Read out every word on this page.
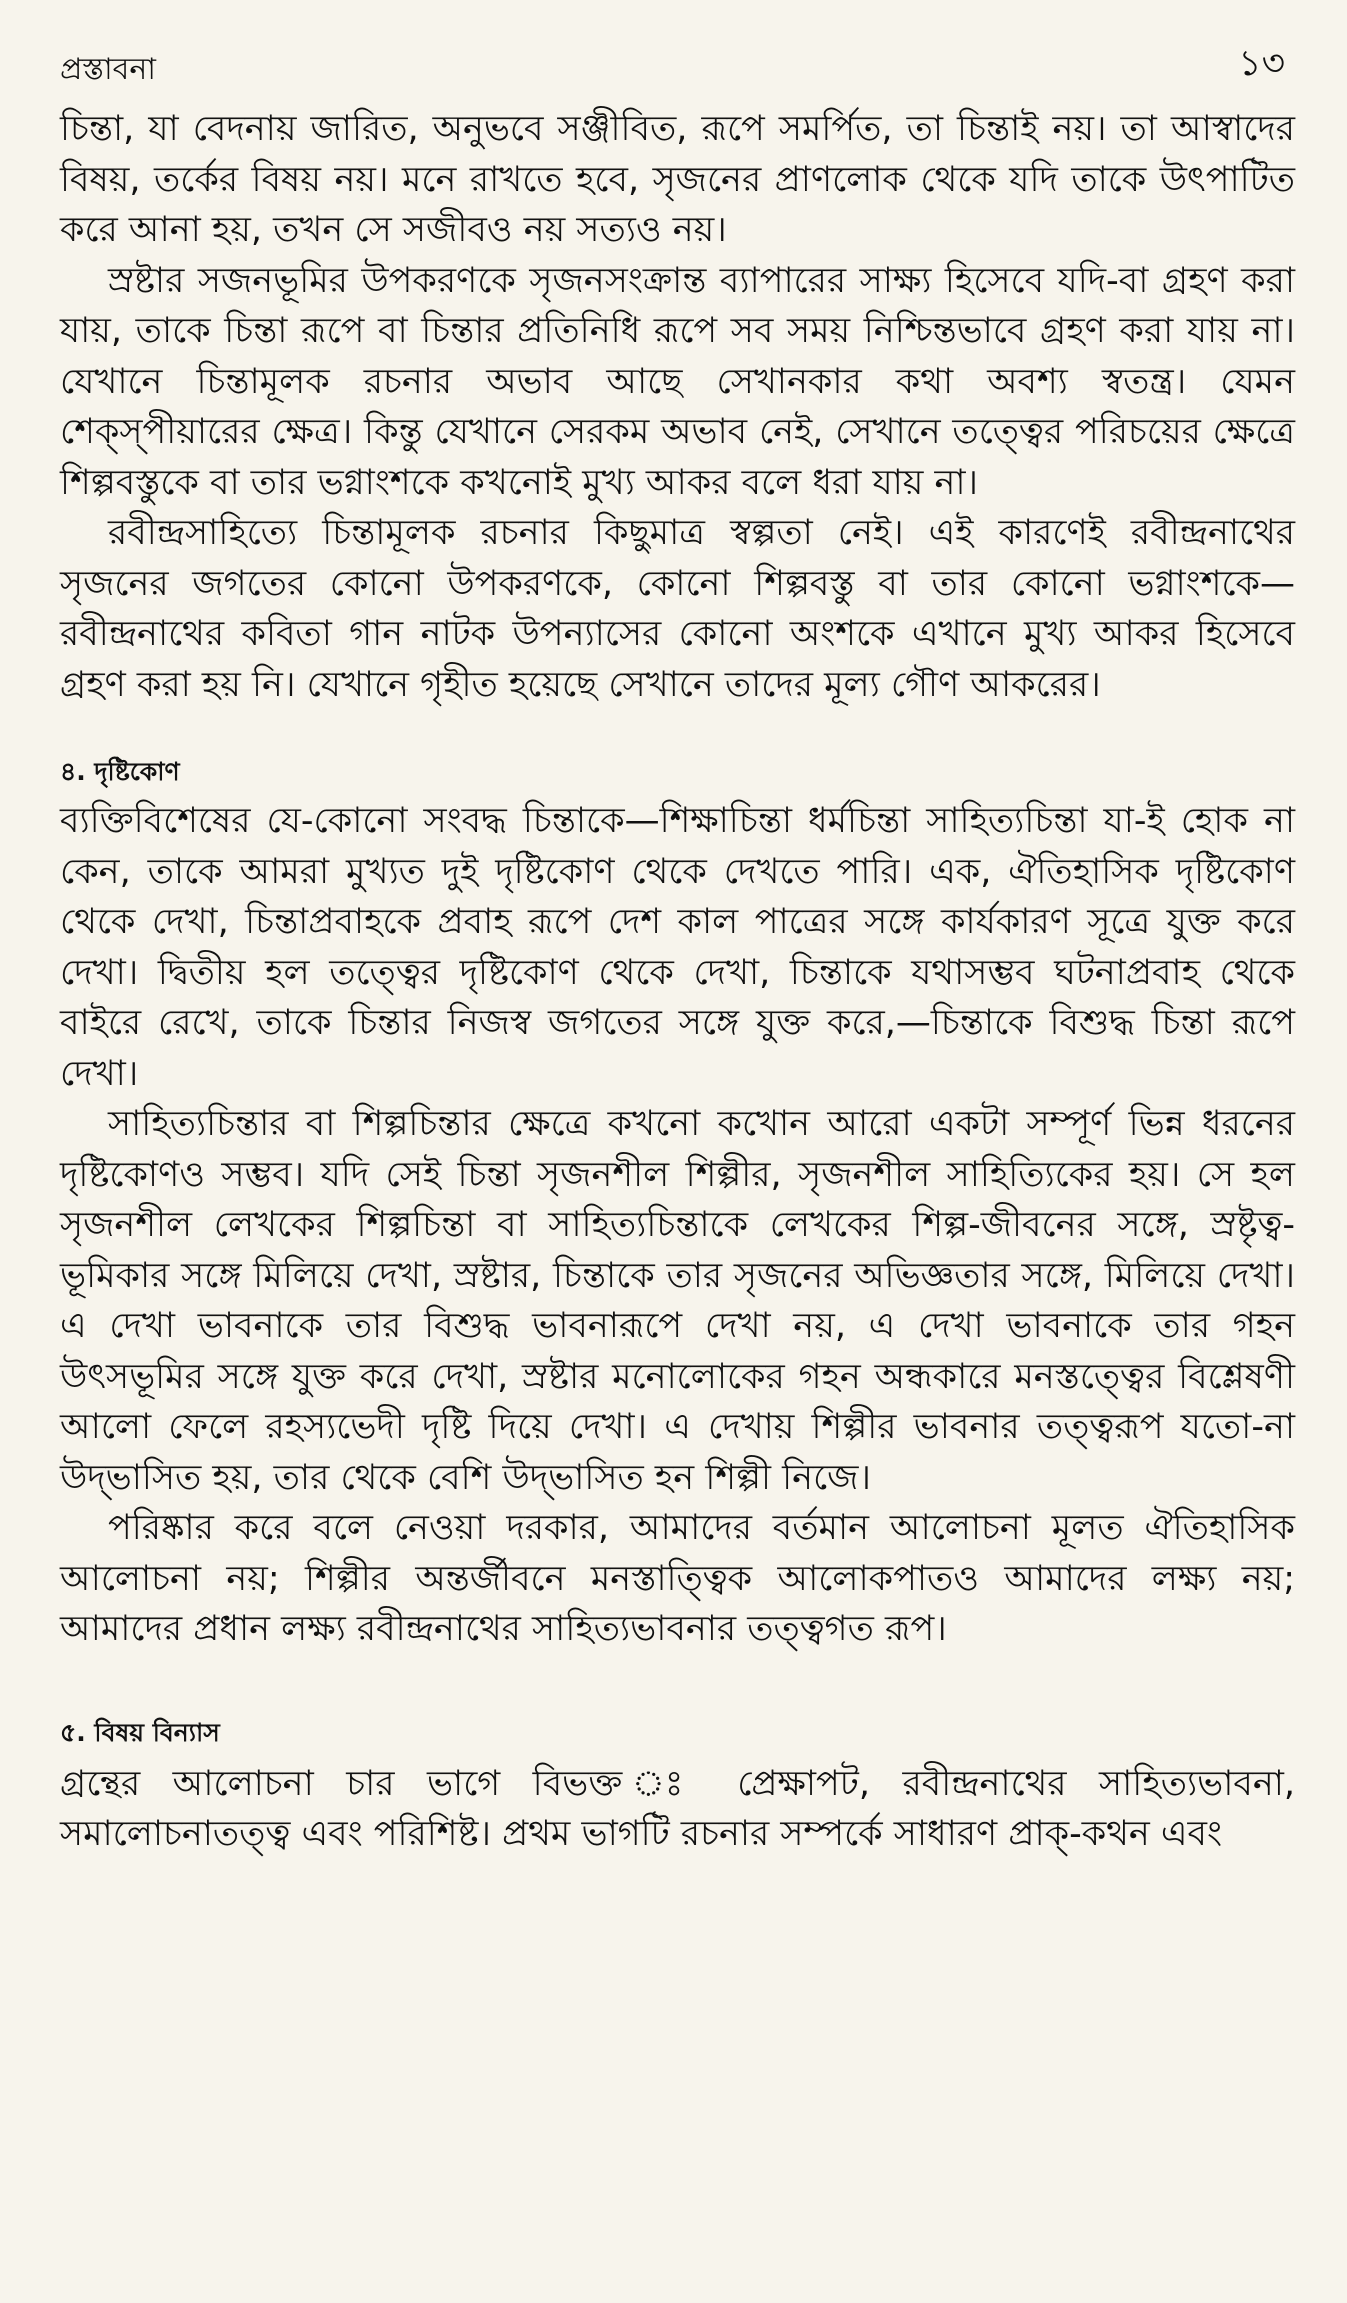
প্রস্তাবনা	১৩

চিন্তা, যা বেদনায় জারিত, অনুভবে সঞ্জীবিত, রূপে সমর্পিত, তা চিন্তাই নয়। তা আস্বাদের বিষয়, তর্কের বিষয় নয়। মনে রাখতে হবে, সৃজনের প্রাণলোক থেকে যদি তাকে উৎপাটিত করে আনা হয়, তখন সে সজীবও নয় সত্যও নয়।

স্রষ্টার সজনভূমির উপকরণকে সৃজনসংক্রান্ত ব্যাপারের সাক্ষ্য হিসেবে যদি-বা গ্রহণ করা যায়, তাকে চিন্তা রূপে বা চিন্তার প্রতিনিধি রূপে সব সময় নিশ্চিন্তভাবে গ্রহণ করা যায় না। যেখানে চিন্তামূলক রচনার অভাব আছে সেখানকার কথা অবশ্য স্বতন্ত্র। যেমন শেক্‌স্‌পীয়ারের ক্ষেত্র। কিন্তু যেখানে সেরকম অভাব নেই, সেখানে তত্ত্বের পরিচয়ের ক্ষেত্রে শিল্পবস্তুকে বা তার ভগ্নাংশকে কখনোই মুখ্য আকর বলে ধরা যায় না।

রবীন্দ্রসাহিত্যে চিন্তামূলক রচনার কিছুমাত্র স্বল্পতা নেই। এই কারণেই রবীন্দ্রনাথের সৃজনের জগতের কোনো উপকরণকে, কোনো শিল্পবস্তু বা তার কোনো ভগ্নাংশকে—রবীন্দ্রনাথের কবিতা গান নাটক উপন্যাসের কোনো অংশকে এখানে মুখ্য আকর হিসেবে গ্রহণ করা হয় নি। যেখানে গৃহীত হয়েছে সেখানে তাদের মূল্য গৌণ আকরের।

৪. দৃষ্টিকোণ

ব্যক্তিবিশেষের যে-কোনো সংবদ্ধ চিন্তাকে—শিক্ষাচিন্তা ধর্মচিন্তা সাহিত্যচিন্তা যা-ই হোক না কেন, তাকে আমরা মুখ্যত দুই দৃষ্টিকোণ থেকে দেখতে পারি। এক, ঐতিহাসিক দৃষ্টিকোণ থেকে দেখা, চিন্তাপ্রবাহকে প্রবাহ রূপে দেশ কাল পাত্রের সঙ্গে কার্যকারণ সূত্রে যুক্ত করে দেখা। দ্বিতীয় হল তত্ত্বের দৃষ্টিকোণ থেকে দেখা, চিন্তাকে যথাসম্ভব ঘটনাপ্রবাহ থেকে বাইরে রেখে, তাকে চিন্তার নিজস্ব জগতের সঙ্গে যুক্ত করে,—চিন্তাকে বিশুদ্ধ চিন্তা রূপে দেখা।

সাহিত্যচিন্তার বা শিল্পচিন্তার ক্ষেত্রে কখনো কখোন আরো একটা সম্পূর্ণ ভিন্ন ধরনের দৃষ্টিকোণও সম্ভব। যদি সেই চিন্তা সৃজনশীল শিল্পীর, সৃজনশীল সাহিত্যিকের হয়। সে হল সৃজনশীল লেখকের শিল্পচিন্তা বা সাহিত্যচিন্তাকে লেখকের শিল্প-জীবনের সঙ্গে, স্রষ্টৃত্ব-ভূমিকার সঙ্গে মিলিয়ে দেখা, স্রষ্টার, চিন্তাকে তার সৃজনের অভিজ্ঞতার সঙ্গে, মিলিয়ে দেখা। এ দেখা ভাবনাকে তার বিশুদ্ধ ভাবনারূপে দেখা নয়, এ দেখা ভাবনাকে তার গহন উৎসভূমির সঙ্গে যুক্ত করে দেখা, স্রষ্টার মনোলোকের গহন অন্ধকারে মনস্তত্ত্বের বিশ্লেষণী আলো ফেলে রহস্যভেদী দৃষ্টি দিয়ে দেখা। এ দেখায় শিল্পীর ভাবনার তত্ত্বরূপ যতো-না উদ্‌ভাসিত হয়, তার থেকে বেশি উদ্‌ভাসিত হন শিল্পী নিজে।

পরিষ্কার করে বলে নেওয়া দরকার, আমাদের বর্তমান আলোচনা মূলত ঐতিহাসিক আলোচনা নয়; শিল্পীর অন্তর্জীবনে মনস্তাত্ত্বিক আলোকপাতও আমাদের লক্ষ্য নয়; আমাদের প্রধান লক্ষ্য রবীন্দ্রনাথের সাহিত্যভাবনার তত্ত্বগত রূপ।

৫. বিষয় বিন্যাস

গ্রন্থের আলোচনা চার ভাগে বিভক্ত ঃ প্রেক্ষাপট, রবীন্দ্রনাথের সাহিত্যভাবনা, সমালোচনাতত্ত্ব এবং পরিশিষ্ট। প্রথম ভাগটি রচনার সম্পর্কে সাধারণ প্রাক্‌-কথন এবং
